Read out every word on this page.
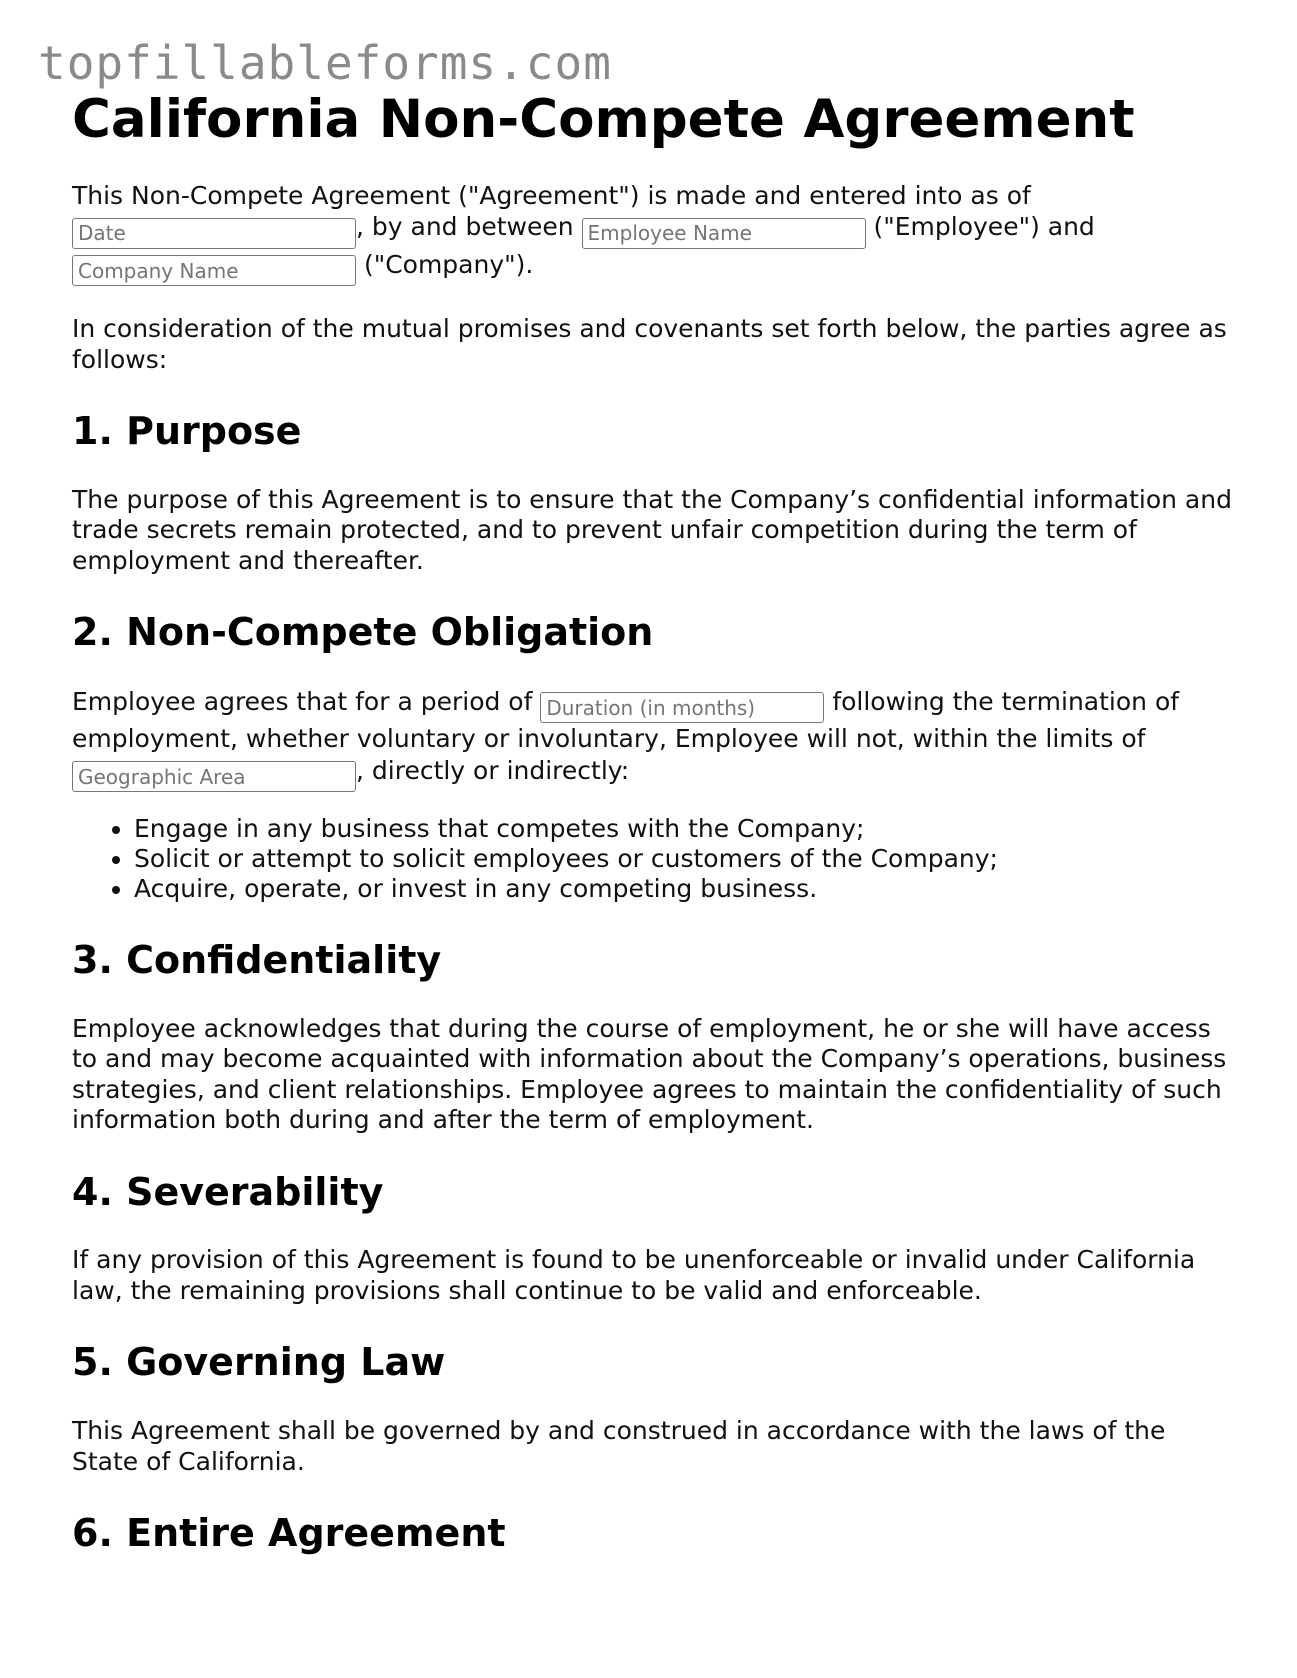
topfillableforms.com
California Non-Compete Agreement

This Non-Compete Agreement ("Agreement") is made and entered into as of
Date, by and between Employee Name	("Employee") and
Company Name ("Company").

In consideration of the mutual promises and covenants set forth below, the parties agree as follows:

1. Purpose

The purpose of this Agreement is to ensure that the Company’s confidential information and trade secrets remain protected, and to prevent unfair competition during the term of employment and thereafter.

2. Non-Compete Obligation

Employee agrees that for a period of Duration (in months)	following the termination of employment, whether voluntary or involuntary, Employee will not, within the limits of
Geographic Area, directly or indirectly:

• Engage in any business that competes with the Company;
• Solicit or attempt to solicit employees or customers of the Company;
• Acquire, operate, or invest in any competing business.
3. Confidentiality

Employee acknowledges that during the course of employment, he or she will have access to and may become acquainted with information about the Company’s operations, business strategies, and client relationships. Employee agrees to maintain the confidentiality of such information both during and after the term of employment.

4. Severability

If any provision of this Agreement is found to be unenforceable or invalid under California law, the remaining provisions shall continue to be valid and enforceable.

5. Governing Law

This Agreement shall be governed by and construed in accordance with the laws of the State of California.

6. Entire Agreement
